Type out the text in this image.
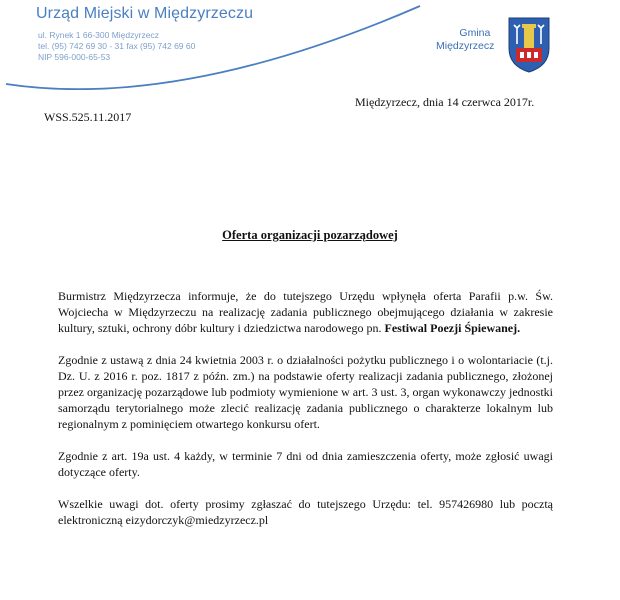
Urząd Miejski w Międzyrzeczu
ul. Rynek 1 66-300 Międzyrzecz
tel. (95) 742 69 30 - 31 fax (95) 742 69 60
NIP 596-000-65-53
Gmina
Międzyrzecz
Międzyrzecz, dnia 14 czerwca 2017r.
WSS.525.11.2017
Oferta organizacji pozarządowej

Burmistrz Międzyrzecza informuje, że do tutejszego Urzędu wpłynęła oferta Parafii p.w. Św. Wojciecha w Międzyrzeczu na realizację zadania publicznego obejmującego działania w zakresie kultury, sztuki, ochrony dóbr kultury i dziedzictwa narodowego pn. Festiwal Poezji Śpiewanej.

Zgodnie z ustawą z dnia 24 kwietnia 2003 r. o działalności pożytku publicznego i o wolontariacie (t.j. Dz. U. z 2016 r. poz. 1817 z późn. zm.) na podstawie oferty realizacji zadania publicznego, złożonej przez organizację pozarządowe lub podmioty wymienione w art. 3 ust. 3, organ wykonawczy jednostki samorządu terytorialnego może zlecić realizację zadania publicznego o charakterze lokalnym lub regionalnym z pominięciem otwartego konkursu ofert.

Zgodnie z art. 19a ust. 4 każdy, w terminie 7 dni od dnia zamieszczenia oferty, może zgłosić uwagi dotyczące oferty.

Wszelkie uwagi dot. oferty prosimy zgłaszać do tutejszego Urzędu: tel. 957426980 lub pocztą elektroniczną eizydorczyk@miedzyrzecz.pl
